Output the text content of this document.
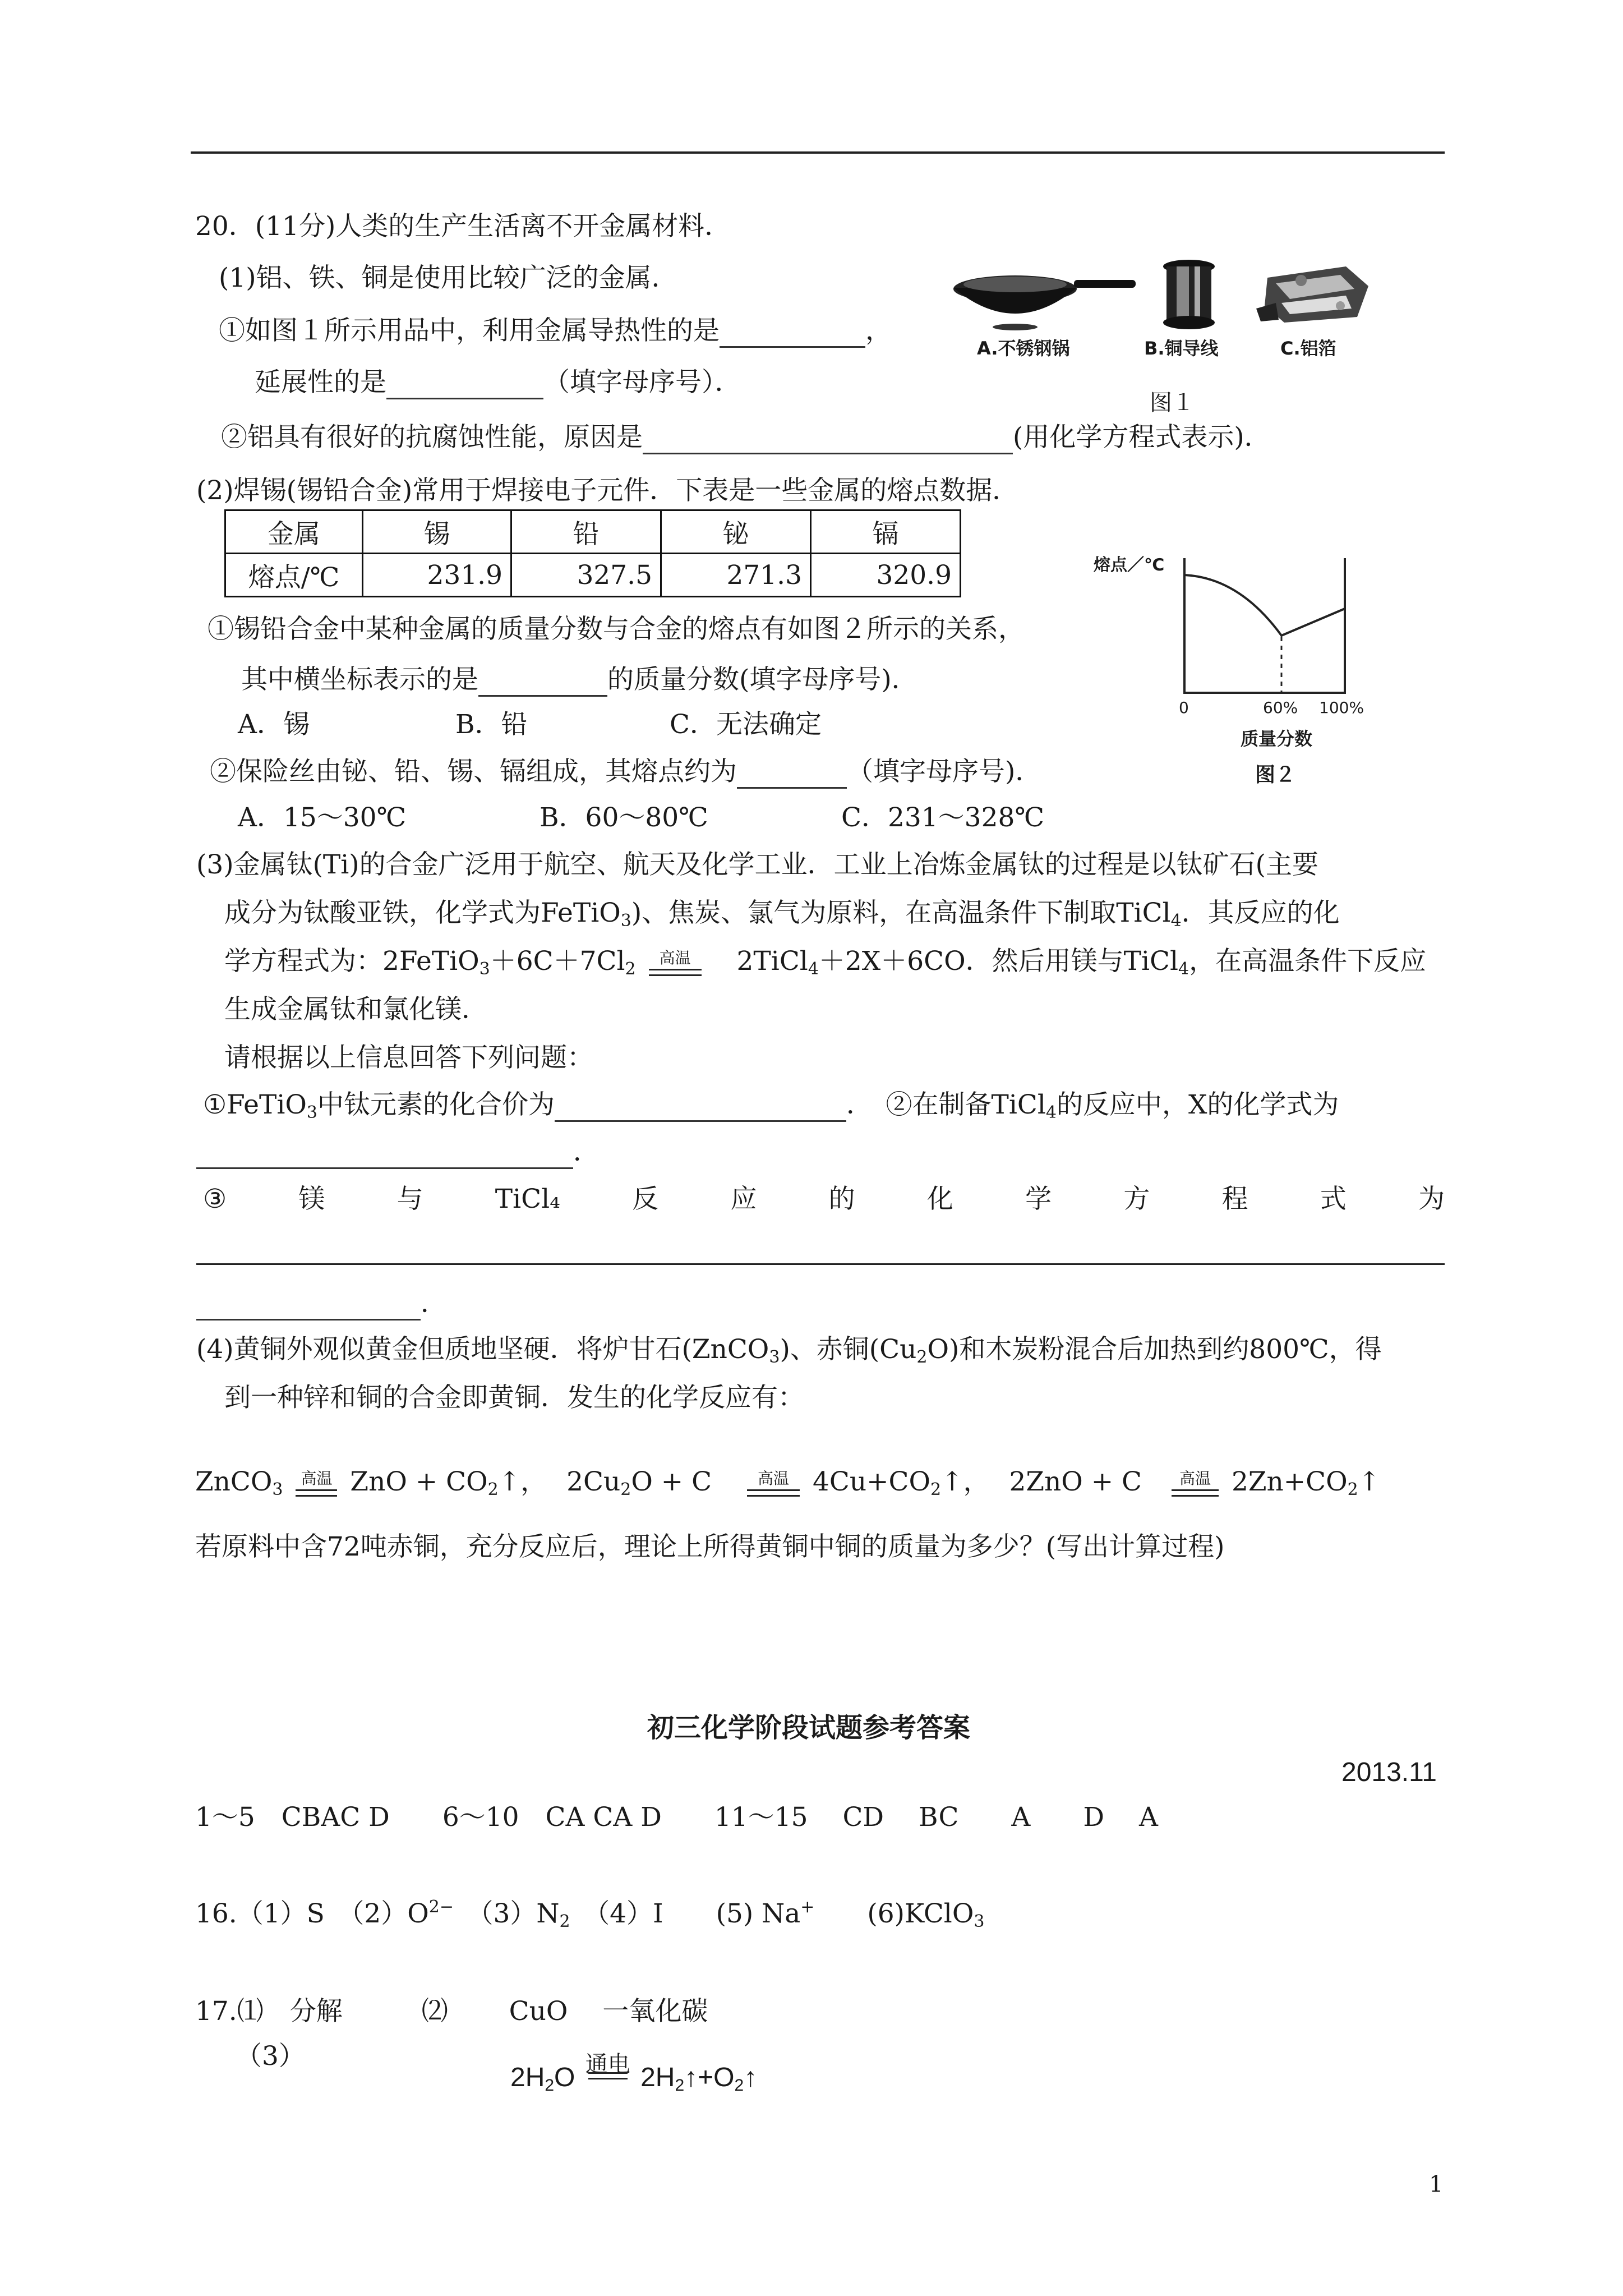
20．(11分)人类的生产生活离不开金属材料．
(1)铝、铁、铜是使用比较广泛的金属．
①如图１所示用品中，利用金属导热性的是	，
延展性的是	（填字母序号）．
②铝具有很好的抗腐蚀性能，原因是	(用化学方程式表示)．
A.不锈钢锅	B.铜导线	C.铝箔
图１
(2)焊锡(锡铅合金)常用于焊接电子元件．下表是一些金属的熔点数据．
金属	锡	铅	铋	镉
熔点/℃	231.9	327.5	271.3	320.9	熔点／℃
0	60% 100%
质量分数
图２
①锡铅合金中某种金属的质量分数与合金的熔点有如图２所示的关系，
其中横坐标表示的是	的质量分数(填字母序号)．
A．锡	B．铅	C．无法确定
②保险丝由铋、铅、锡、镉组成，其熔点约为	（填字母序号)．
A．15～30℃	B．60～80℃	C．231～328℃
(3)金属钛(Ti)的合金广泛用于航空、航天及化学工业．工业上冶炼金属钛的过程是以钛矿石(主要
成分为钛酸亚铁，化学式为FeTiO$_3$)、焦炭、氯气为原料，在高温条件下制取TiCl$_4$．其反应的化
学方程式为：$2FeTiO_3+6C+7Cl_2$
高温	2TiCl$_4$＋2X＋6CO．然后用镁与TiCl$_4$，在高温条件下反应
生成金属钛和氯化镁．
请根据以上信息回答下列问题：
①FeTiO$_3$中钛元素的化合价为	．　②在制备TiCl$_4$的反应中，X的化学式为
．
③	镁	与	TiCl₄	反	应	的	化	学	方	程	式	为
．
(4)黄铜外观似黄金但质地坚硬．将炉甘石(ZnCO$_3$)、赤铜$(Cu_2O)$和木炭粉混合后加热到约800℃，得
到一种锌和铜的合金即黄铜．发生的化学反应有：
ZnCO$_3$
高温 ZnO + $CO_2↑$， $2Cu_2O + C$	高温 $4Cu+CO_2↑$， 2ZnO + C	高温 $2Zn+CO_2↑$
若原料中含72吨赤铜，充分反应后，理论上所得黄铜中铜的质量为多少？(写出计算过程)
初三化学阶段试题参考答案
2013.11
1～5　CBAC D　　6～10　CA CA D　　11～15　 CD　 BC　　A　　D　 A
16.（1）S　$(2)O^{2-}$　$(3)N_2$　（4）I　　(5) Na+　　(6)KClO$_3$
17.⑴　分解　　　⑵　　 CuO　 一氧化碳
（3）
$2H_2O$ 通电 $2H_2↑+O_2↑$
1
